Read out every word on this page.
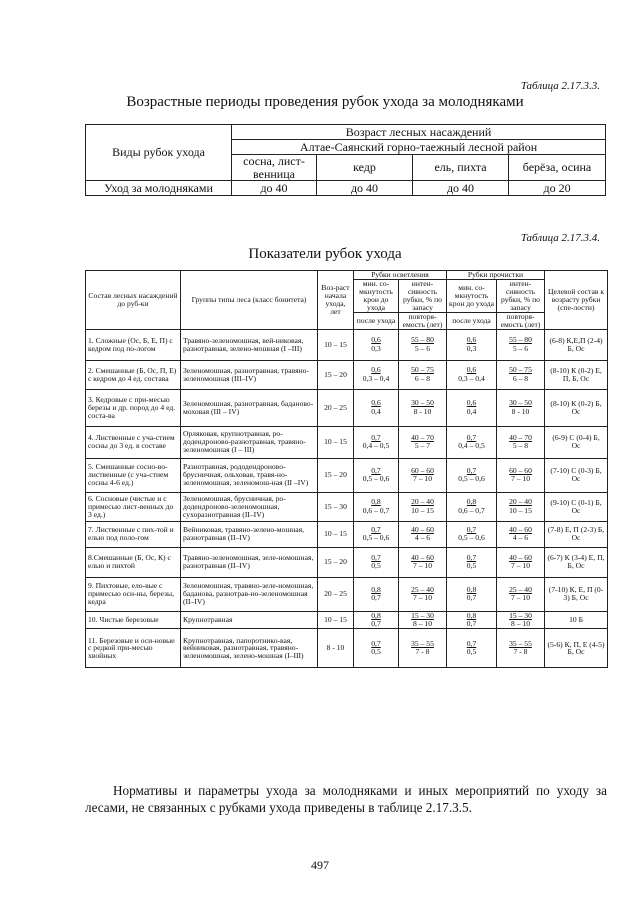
Таблица 2.17.3.3.
Возрастные периоды проведения рубок ухода за молодняками
Виды рубок ухода	Возраст лесных насаждений			
	Алтае-Саянский горно-таежный лесной район			
	сосна, лист-венница	кедр	ель, пихта	берёза, осина
Уход за молодняками	до 40	до 40	до 40	до 20
Таблица 2.17.3.4.
Показатели рубок ухода
Состав лесных насаждений до руб-ки	Группы типы леса (класс бонитета)	Воз-раст начала ухода, лет	Рубки осветления		Рубки прочистки		Целевой состав к возрасту рубки (спе-лости)
			мин. со-мкнутость крон до ухода	интен-сивность рубки, % по запасу	мин. со-мкнутость крон до ухода	интен-сивность рубки, % по запасу	
			после ухода	повторя-емость (лет)	после ухода	повторя-емость (лет)	
1. Сложные (Ос, Б, Е, П) с кедром под по-логом	Травяно-зеленомошная, вей-никовая, разнотравная, зелено-мошная (I –III)	10 – 15	$\frac{0,6}{0,3}$	$\frac{55 - 80}{5 - 6}$	$\frac{0,6}{0,3}$	$\frac{55 - 80}{5 - 6}$	(6-8) К,Е,П (2-4) Б, Ос
2. Смешанные (Б, Ос, П, Е) с кедром до 4 ед. состава	Зеленомошная, разнотравная, травяно-зеленомошная (III–IV)	15 – 20	$\frac{0,6}{0,3 - 0,4}$	$\frac{50 - 75}{6 - 8}$	$\frac{0,6}{0,3 - 0,4}$	$\frac{50 - 75}{6 - 8}$	(8-10) К (0-2) Е, П, Б, Ос
3. Кедровые с при-месью березы и др. пород до 4 ед. соста-ва	Зеленомошная, разнотравная, баданово-моховая (III – IV)	20 – 25	$\frac{0,6}{0,4}$	$\frac{30 - 50}{8 - 10}$	$\frac{0,6}{0,4}$	$\frac{30 - 50}{8 - 10}$	(8-10) К (0-2) Б, Ос
4. Лиственные с уча-стием сосны до 3 ед. в составе	Орляковая, крупнотравная, ро-додендроново-разнотравная, травяно-зеленомошная (I – III)	10 – 15	$\frac{0,7}{0,4 - 0,5}$	$\frac{40 - 70}{5 - 7}$	$\frac{0,7}{0,4 - 0,5}$	$\frac{40 - 70}{5 - 8}$	(6-9) С (0-4) Б, Ос
5. Смешанные сосно-во-лиственные (с уча-стием сосны 4-6 ед.)	Разнотравная, рододендроново-брусничная, ольховая, травя-но-зеленомошная, зеленомош-ная (II –IV)	15 – 20	$\frac{0,7}{0,5 - 0,6}$	$\frac{60 - 60}{7 - 10}$	$\frac{0,7}{0,5 - 0,6}$	$\frac{60 - 60}{7 - 10}$	(7-10) С (0-3) Б, Ос
6. Сосновые (чистые и с примесью лист-венных до 3 ед.)	Зеленомошная, брусничная, ро-додендроново-зеленомошная, сухоразнотравная (II–IV)	15 – 30	$\frac{0,8}{0,6 - 0,7}$	$\frac{20 - 40}{10 - 15}$	$\frac{0,8}{0,6 - 0,7}$	$\frac{20 - 40}{10 - 15}$	(9-10) С (0-1) Б, Ос
7. Лиственные с пих-той и елью под поло-гом	Вейниковая, травяно-зелено-мошная, разнотравная (II–IV)	10 – 15	$\frac{0,7}{0,5 - 0,6}$	$\frac{40 - 60}{4 - 6}$	$\frac{0,7}{0,5 - 0,6}$	$\frac{40 - 60}{4 - 6}$	(7-8) Е, П (2-3) Б, Ос
8.Смешанные (Б, Ос, К) с елью и пихтой	Травяно-зеленомошная, зеле-номошная, разнотравная (II–IV)	15 – 20	$\frac{0,7}{0,5}$	$\frac{40 - 60}{7 - 10}$	$\frac{0,7}{0,5}$	$\frac{40 - 60}{7 - 10}$	(6-7) К (3-4) Е, П, Б, Ос
9. Пихтовые, ело-вые с примесью оси-ны, березы, кедра	Зеленомошная, травяно-зеле-номошная, баданова, разнотрав-но-зеленомошная (II–IV)	20 – 25	$\frac{0,8}{0,7}$	$\frac{25 - 40}{7 - 10}$	$\frac{0,8}{0,7}$	$\frac{25 - 40}{7 - 10}$	(7-10) К, Е, П (0-3) Б, Ос
10. Чистые березовые	Крупнотравная	10 – 15	$\frac{0,8}{0,7}$	$\frac{15 - 30}{8 - 10}$	$\frac{0,8}{0,7}$	$\frac{15 - 30}{8 - 10}$	10 Б
11. Березовые и оси-новые с редкой при-месью хвойных	Крупнотравная, папоротнико-вая, вейниковая, разнотравная, травяно-зеленомошная, зелено-мошная (I–III)	8 - 10	$\frac{0,7}{0,5}$	$\frac{35 - 55}{7 - 8}$	$\frac{0,7}{0,5}$	$\frac{35 - 55}{7 - 8}$	(5-6) К, П, Е (4-5) Б, Ос
Нормативы и параметры ухода за молодняками и иных мероприятий по уходу за лесами, не связанных с рубками ухода приведены в таблице 2.17.3.5.
497
